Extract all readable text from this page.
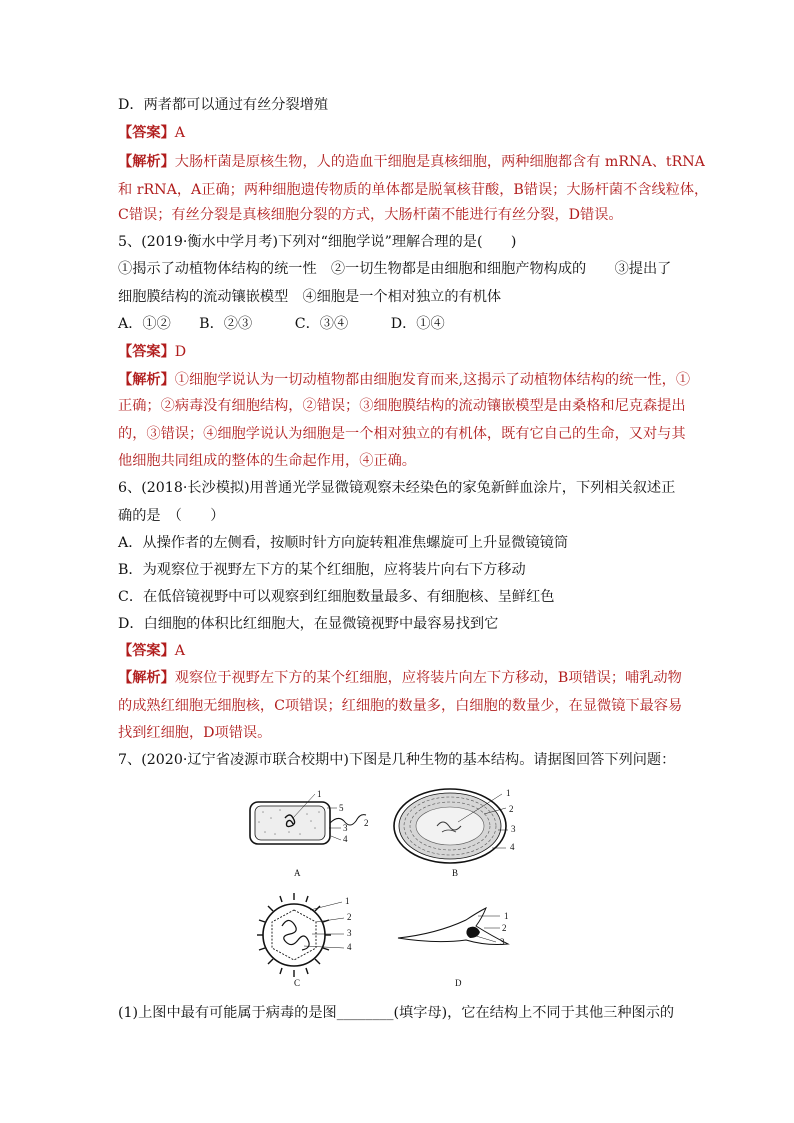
D．两者都可以通过有丝分裂增殖
【答案】A
【解析】大肠杆菌是原核生物，人的造血干细胞是真核细胞，两种细胞都含有 mRNA、tRNA
和 rRNA，A正确；两种细胞遗传物质的单体都是脱氧核苷酸，B错误；大肠杆菌不含线粒体，
C错误；有丝分裂是真核细胞分裂的方式，大肠杆菌不能进行有丝分裂，D错误。
5、(2019·衡水中学月考)下列对“细胞学说”理解合理的是(　　)
①揭示了动植物体结构的统一性　②一切生物都是由细胞和细胞产物构成的　　③提出了
细胞膜结构的流动镶嵌模型　④细胞是一个相对独立的有机体
A．①②　　B．②③　　　C．③④　　　D．①④
【答案】D
【解析】①细胞学说认为一切动植物都由细胞发育而来,这揭示了动植物体结构的统一性，①
正确；②病毒没有细胞结构，②错误；③细胞膜结构的流动镶嵌模型是由桑格和尼克森提出
的，③错误；④细胞学说认为细胞是一个相对独立的有机体，既有它自己的生命，又对与其
他细胞共同组成的整体的生命起作用，④正确。
6、(2018·长沙模拟)用普通光学显微镜观察未经染色的家兔新鲜血涂片，下列相关叙述正
确的是　（　　）
A．从操作者的左侧看，按顺时针方向旋转粗准焦螺旋可上升显微镜镜筒
B．为观察位于视野左下方的某个红细胞，应将装片向右下方移动
C．在低倍镜视野中可以观察到红细胞数量最多、有细胞核、呈鲜红色
D．白细胞的体积比红细胞大，在显微镜视野中最容易找到它
【答案】A
【解析】观察位于视野左下方的某个红细胞，应将装片向左下方移动，B项错误；哺乳动物
的成熟红细胞无细胞核，C项错误；红细胞的数量多，白细胞的数量少，在显微镜下最容易
找到红细胞，D项错误。
7、(2020·辽宁省凌源市联合校期中)下图是几种生物的基本结构。请据图回答下列问题：
1
5
2
3
4
A
1
2
3
4
B
1
2
3
4
C
1
2
3
D
(1)上图中最有可能属于病毒的是图________(填字母)，它在结构上不同于其他三种图示的
